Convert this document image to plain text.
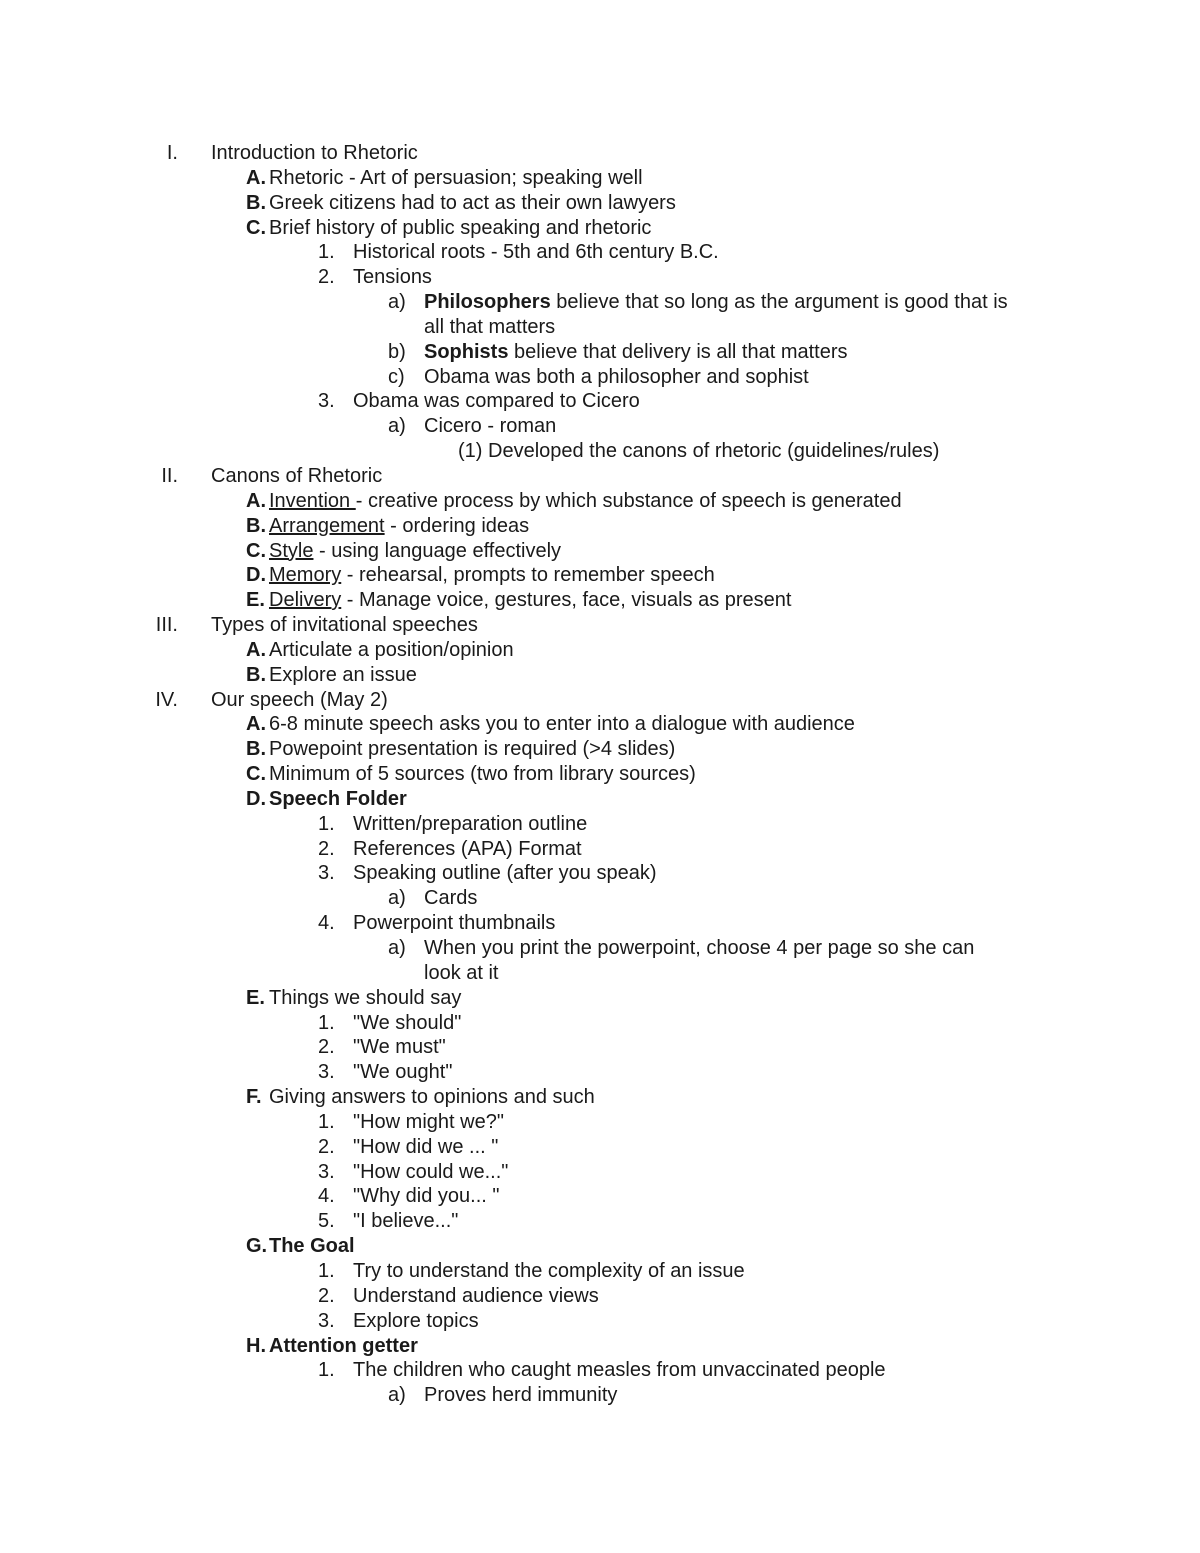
I. Introduction to Rhetoric
A. Rhetoric - Art of persuasion; speaking well
B. Greek citizens had to act as their own lawyers
C. Brief history of public speaking and rhetoric
1. Historical roots - 5th and 6th century B.C.
2. Tensions
a) Philosophers believe that so long as the argument is good that is
all that matters
b) Sophists believe that delivery is all that matters
c) Obama was both a philosopher and sophist
3. Obama was compared to Cicero
a) Cicero - roman
(1) Developed the canons of rhetoric (guidelines/rules)
II. Canons of Rhetoric
A. Invention - creative process by which substance of speech is generated
B. Arrangement - ordering ideas
C. Style - using language effectively
D. Memory - rehearsal, prompts to remember speech
E. Delivery - Manage voice, gestures, face, visuals as present
III. Types of invitational speeches
A. Articulate a position/opinion
B. Explore an issue
IV. Our speech (May 2)
A. 6-8 minute speech asks you to enter into a dialogue with audience
B. Powepoint presentation is required (>4 slides)
C. Minimum of 5 sources (two from library sources)
D. Speech Folder
1. Written/preparation outline
2. References (APA) Format
3. Speaking outline (after you speak)
a) Cards
4. Powerpoint thumbnails
a) When you print the powerpoint, choose 4 per page so she can
look at it
E. Things we should say
1. "We should"
2. "We must"
3. "We ought"
F. Giving answers to opinions and such
1. "How might we?"
2. "How did we ... "
3. "How could we..."
4. "Why did you... "
5. "I believe..."
G. The Goal
1. Try to understand the complexity of an issue
2. Understand audience views
3. Explore topics
H. Attention getter
1. The children who caught measles from unvaccinated people
a) Proves herd immunity
